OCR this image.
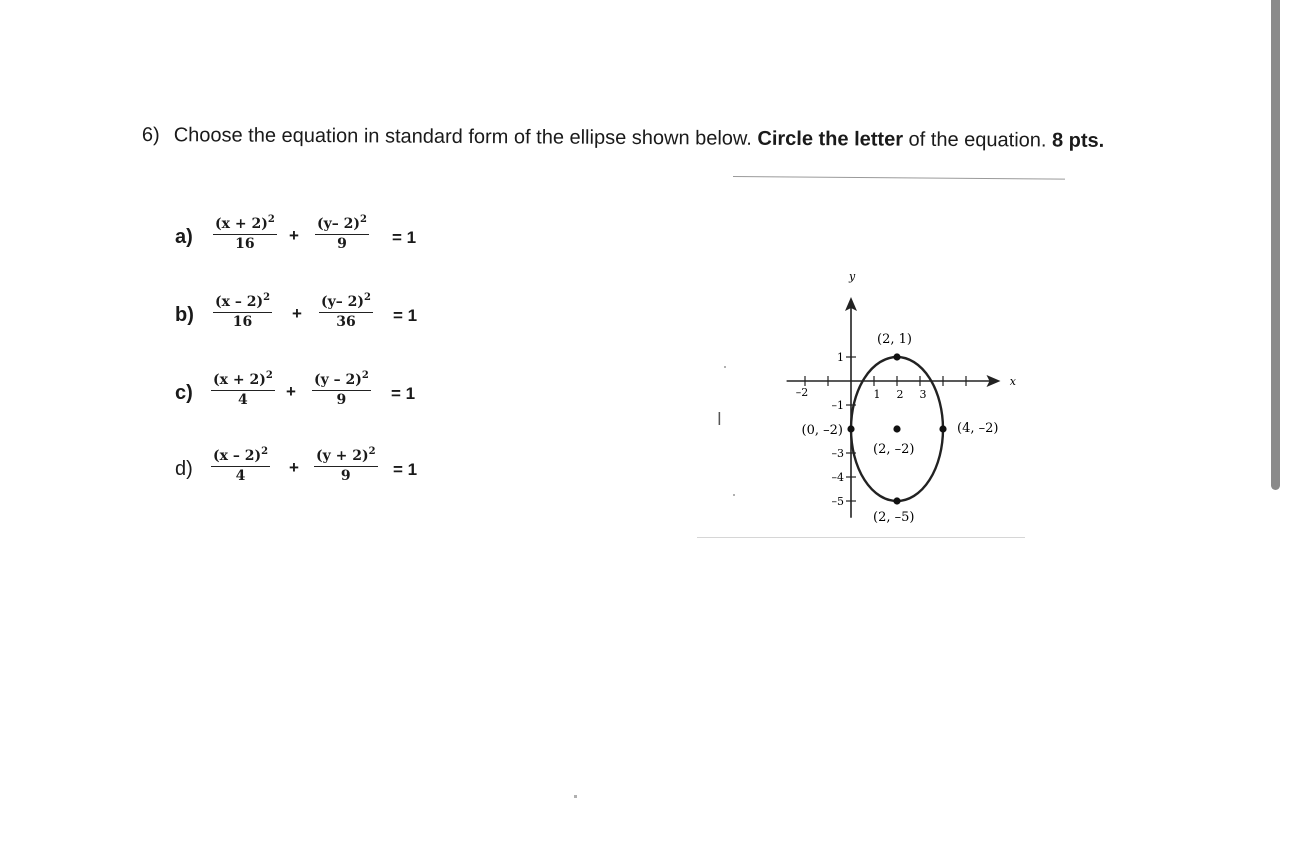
6) Choose the equation in standard form of the ellipse shown below. Circle the letter of the equation. 8 pts.
$a) \frac{(x + 2)^2}{16} + \frac{(y- 2)^2}{9} = 1$
$b) \frac{(x - 2)^2}{16} + \frac{(y- 2)^2}{36} = 1$
$c) \frac{(x + 2)^2}{4} + \frac{(y - 2)^2}{9} = 1$
$d) \frac{(x - 2)^2}{4} + \frac{(y + 2)^2}{9} = 1$
l
x
y
–2	1 2 3
1
–1
–3
–4
–5
(2, 1)
(0, –2)
(2, –2)
(4, –2)
(2, –5)
